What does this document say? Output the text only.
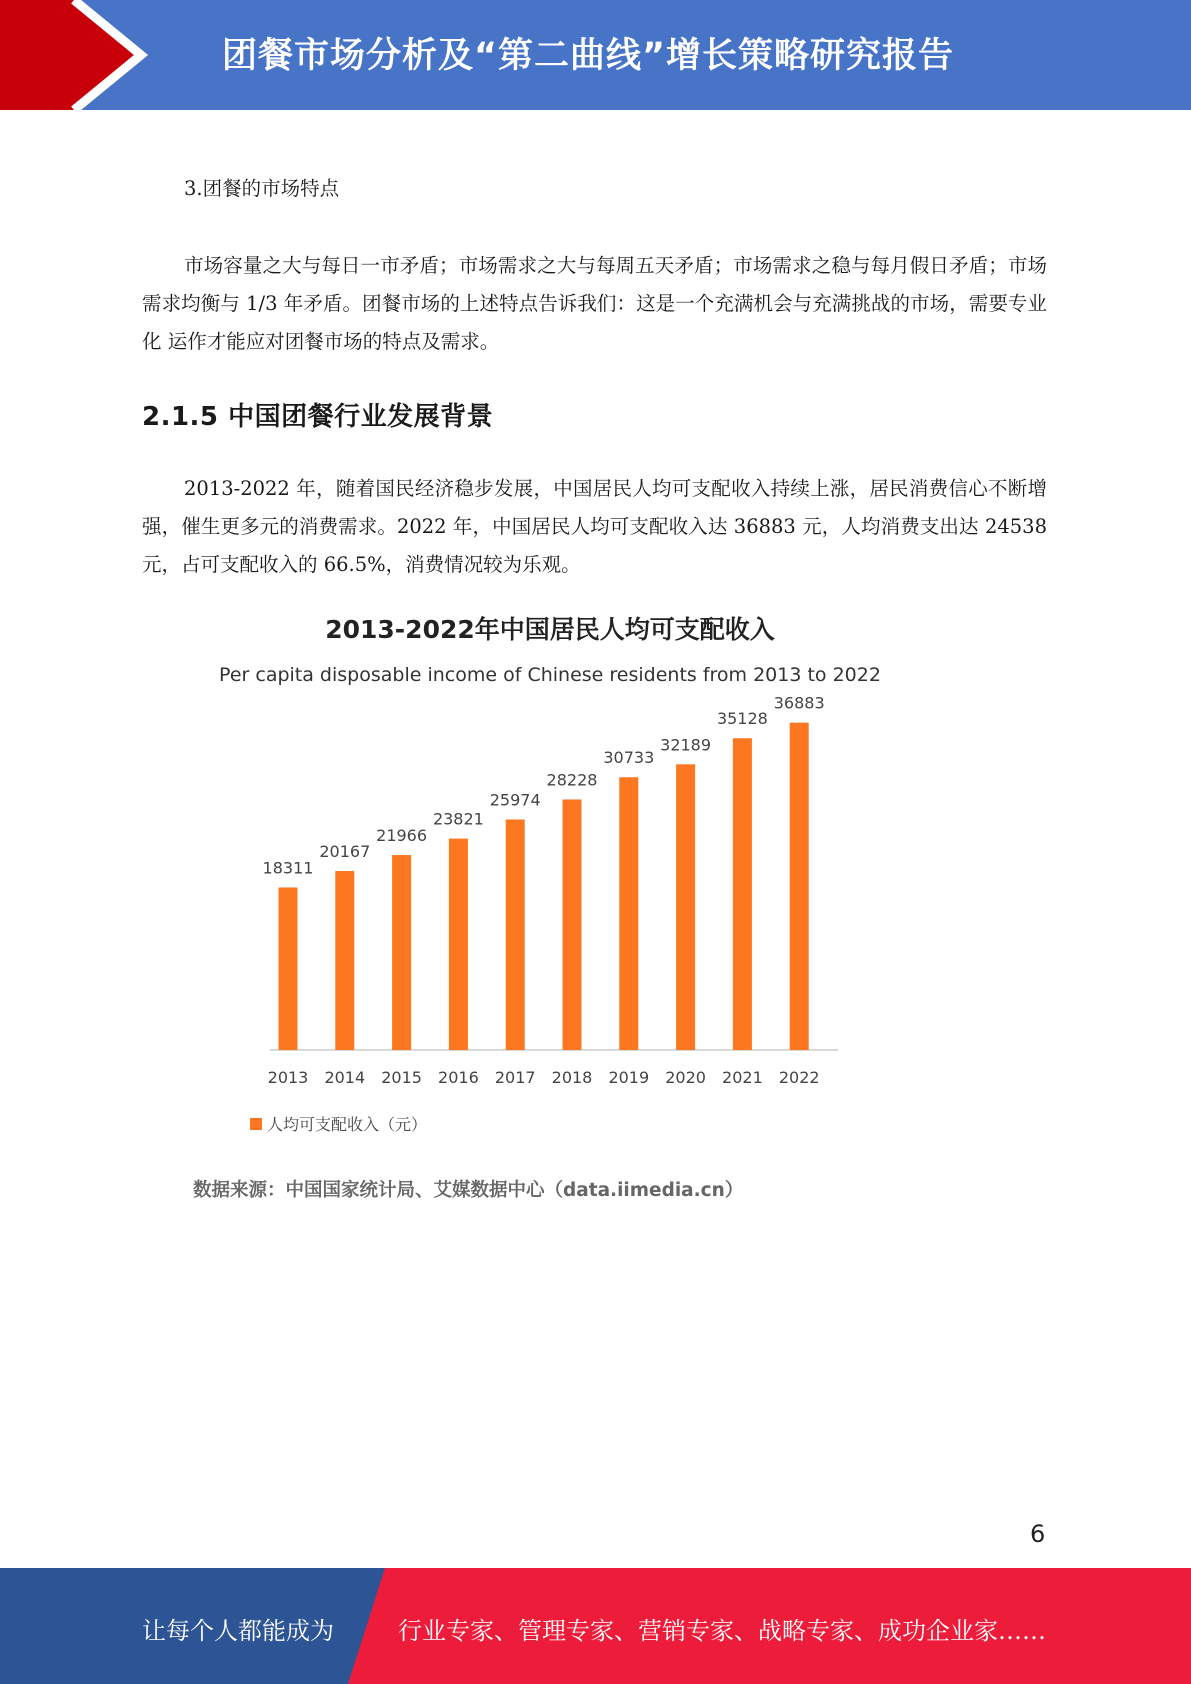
团餐市场分析及“第二曲线”增长策略研究报告
3.团餐的市场特点

市场容量之大与每日一市矛盾；市场需求之大与每周五天矛盾；市场需求之稳与每月假日矛盾；市场需求均衡与 1/3 年矛盾。团餐市场的上述特点告诉我们：这是一个充满机会与充满挑战的市场，需要专业化 运作才能应对团餐市场的特点及需求。

2.1.5 中国团餐行业发展背景

2013-2022 年，随着国民经济稳步发展，中国居民人均可支配收入持续上涨，居民消费信心不断增强，催生更多元的消费需求。2022 年，中国居民人均可支配收入达 36883 元，人均消费支出达 24538 元，占可支配收入的 66.5%，消费情况较为乐观。

2013-2022年中国居民人均可支配收入
Per capita disposable income of Chinese residents from 2013 to 2022
18311
2013
20167
2014
21966
2015
23821
2016
25974
2017
28228
2018
30733
2019
32189
2020
35128
2021
36883
2022
人均可支配收入（元）
数据来源：中国国家统计局、艾媒数据中心（data.iimedia.cn）
6
让每个人都能成为	行业专家、管理专家、营销专家、战略专家、成功企业家……
